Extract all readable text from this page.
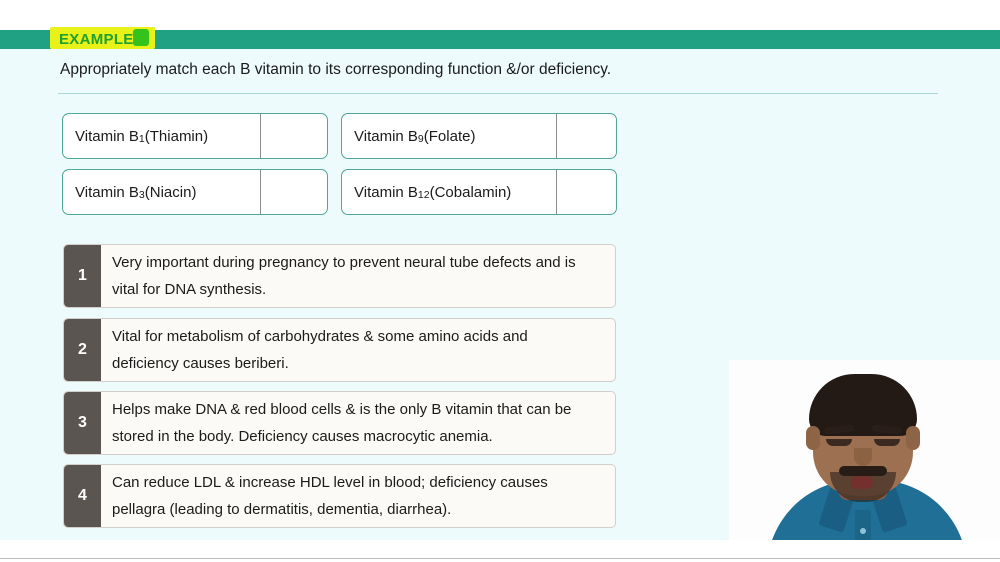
EXAMPLE
Appropriately match each B vitamin to its corresponding function &/or deficiency.
Vitamin $B_1$ (Thiamin)
Vitamin $B_3$ (Niacin)
Vitamin $B_9$ (Folate)
Vitamin $B_{12}$ (Cobalamin)
1
Very important during pregnancy to prevent neural tube defects and is vital for DNA synthesis.
2
Vital for metabolism of carbohydrates & some amino acids and deficiency causes beriberi.
3
Helps make DNA & red blood cells & is the only B vitamin that can be stored in the body. Deficiency causes macrocytic anemia.
4
Can reduce LDL & increase HDL level in blood; deficiency causes pellagra (leading to dermatitis, dementia, diarrhea).
